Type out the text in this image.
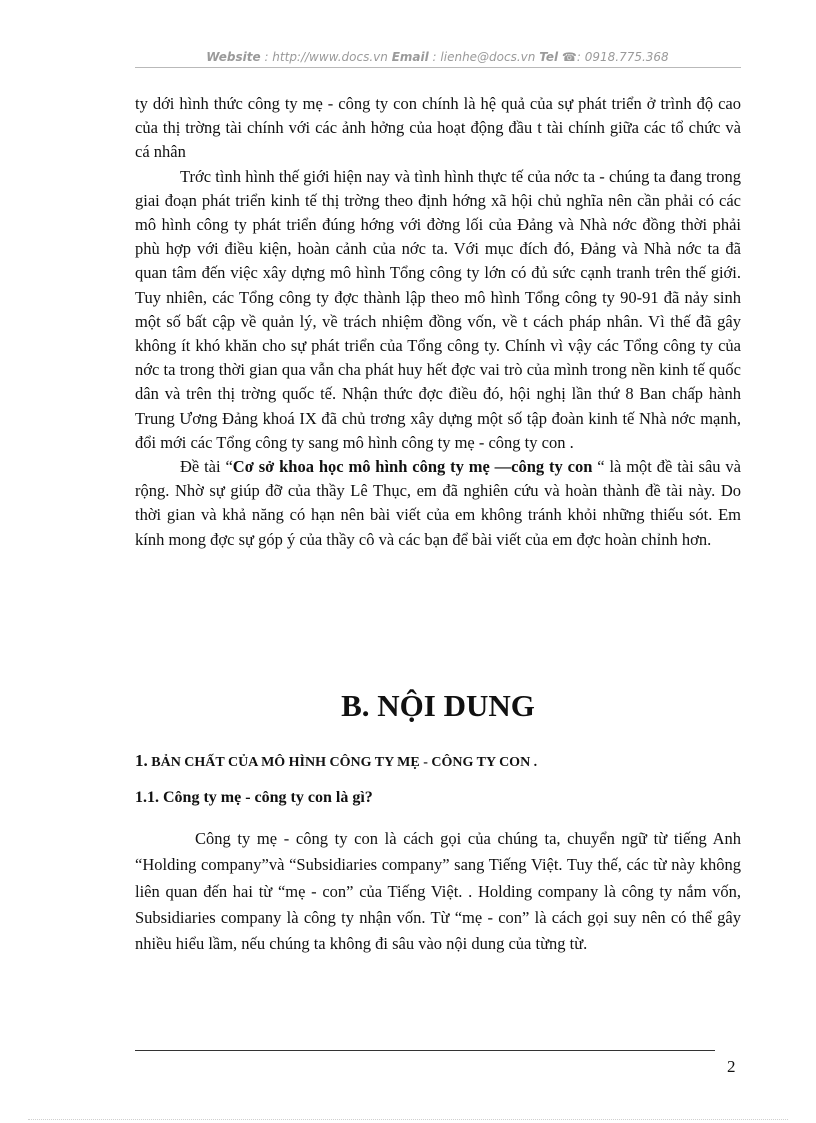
Website : http://www.docs.vn Email : lienhe@docs.vn Tel ☎: 0918.775.368

ty dới hình thức công ty mẹ - công ty con chính là hệ quả của sự phát triển ở trình độ cao của thị trờng tài chính với các ảnh hởng của hoạt động đầu t tài chính giữa các tổ chức và cá nhân

Trớc tình hình thế giới hiện nay và tình hình thực tế của nớc ta - chúng ta đang trong giai đoạn phát triển kinh tế thị trờng theo định hớng xã hội chủ nghĩa nên cần phải có các mô hình công ty phát triển đúng hớng với đờng lối của Đảng và Nhà nớc đồng thời phải phù hợp với điều kiện, hoàn cảnh của nớc ta. Với mục đích đó, Đảng và Nhà nớc ta đã quan tâm đến việc xây dựng mô hình Tổng công ty lớn có đủ sức cạnh tranh trên thế giới. Tuy nhiên, các Tổng công ty đợc thành lập theo mô hình Tổng công ty 90-91 đã nảy sinh một số bất cập về quản lý, về trách nhiệm đồng vốn, về t cách pháp nhân. Vì thế đã gây không ít khó khăn cho sự phát triển của Tổng công ty. Chính vì vậy các Tổng công ty của nớc ta trong thời gian qua vẫn cha phát huy hết đợc vai trò của mình trong nền kinh tế quốc dân và trên thị trờng quốc tế. Nhận thức đợc điều đó, hội nghị lần thứ 8 Ban chấp hành Trung Ương Đảng khoá IX đã chủ trơng xây dựng một số tập đoàn kinh tế Nhà nớc mạnh, đổi mới các Tổng công ty sang mô hình công ty mẹ - công ty con .

Đề tài “Cơ sở khoa học mô hình công ty mẹ —công ty con “ là một đề tài sâu và rộng. Nhờ sự giúp đỡ của thầy Lê Thục, em đã nghiên cứu và hoàn thành đề tài này. Do thời gian và khả năng có hạn nên bài viết của em không tránh khỏi những thiếu sót. Em kính mong đợc sự góp ý của thầy cô và các bạn để bài viết của em đợc hoàn chỉnh hơn.

B. NỘI DUNG
1. BẢN CHẤT CỦA MÔ HÌNH CÔNG TY MẸ - CÔNG TY CON .
1.1. Công ty mẹ - công ty con là gì?

Công ty mẹ - công ty con là cách gọi của chúng ta, chuyển ngữ từ tiếng Anh “Holding company”và “Subsidiaries company” sang Tiếng Việt. Tuy thế, các từ này không liên quan đến hai từ “mẹ - con” của Tiếng Việt. . Holding company là công ty nắm vốn, Subsidiaries company là công ty nhận vốn. Từ “mẹ - con” là cách gọi suy nên có thể gây nhiều hiểu lầm, nếu chúng ta không đi sâu vào nội dung của từng từ.

2
